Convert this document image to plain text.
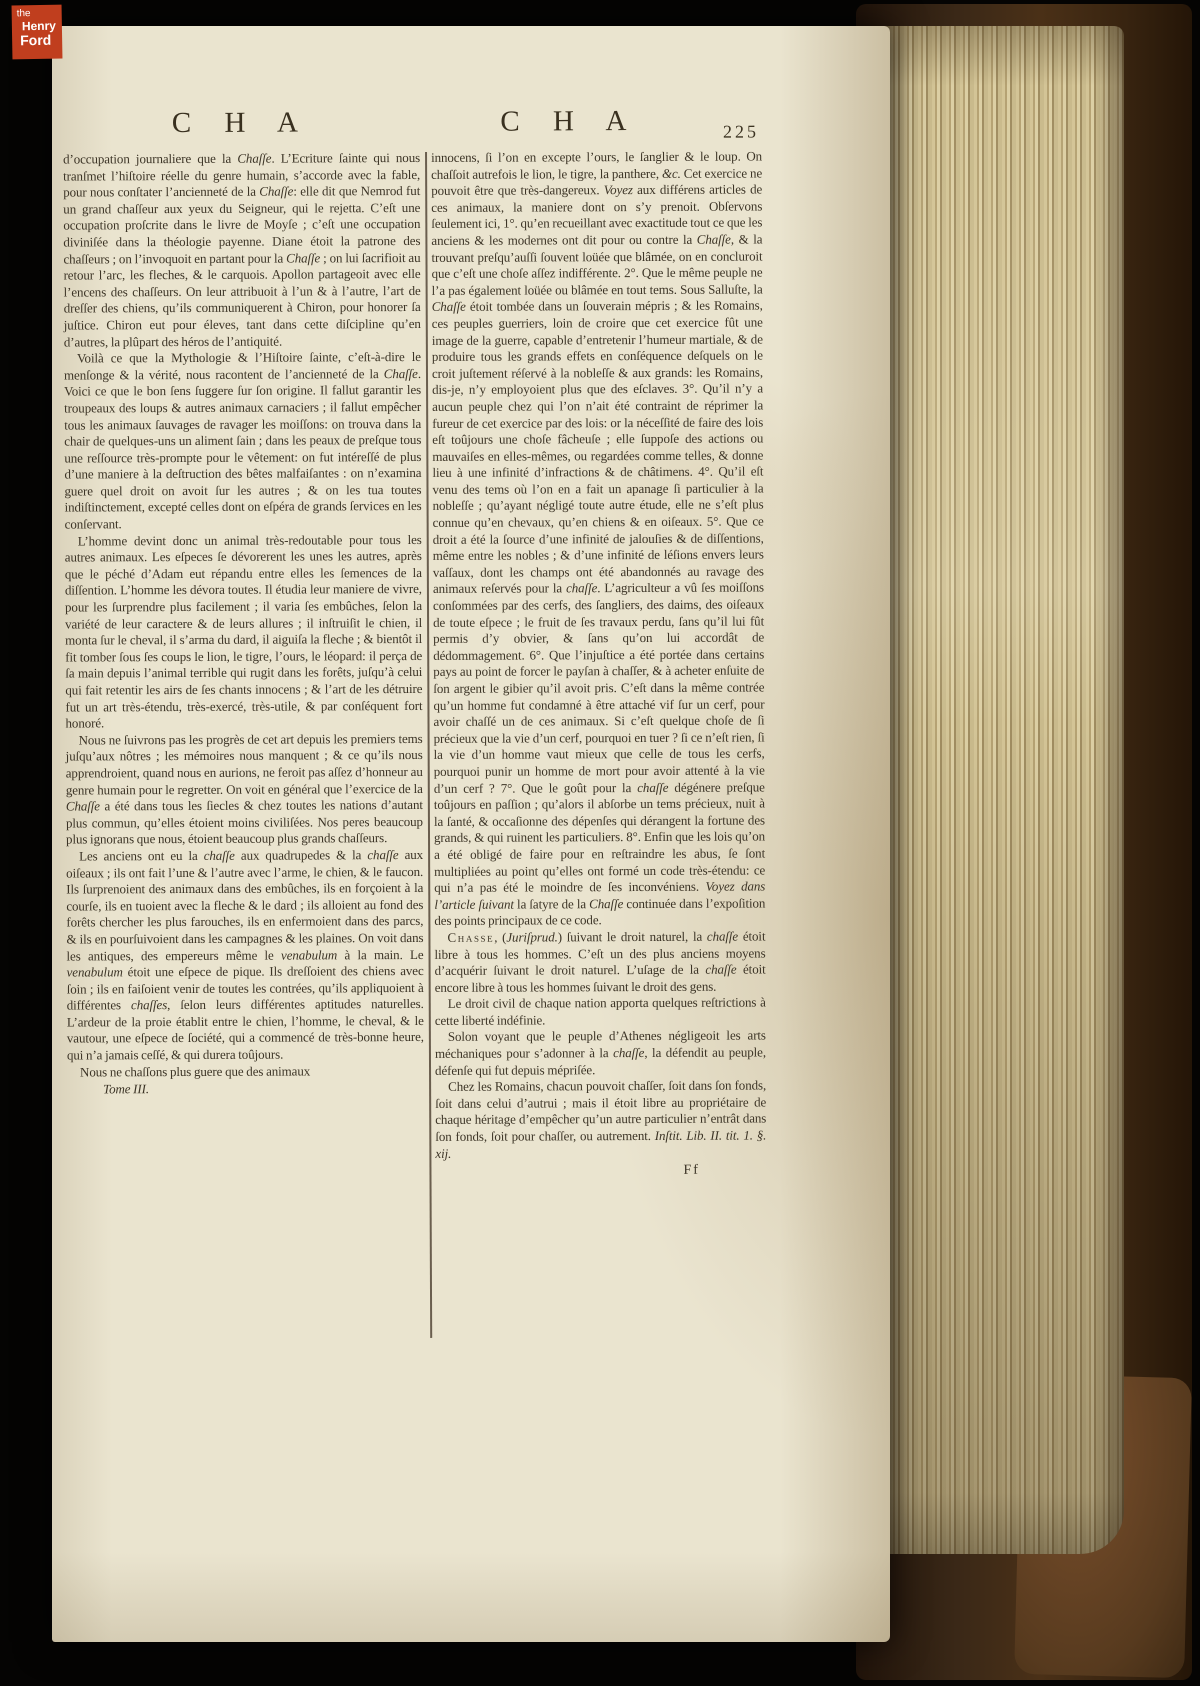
C H A	C H A	225

d’occupation journaliere que la Chaſſe. L’Ecriture ſainte qui nous tranſmet l’hiſtoire réelle du genre humain, s’accorde avec la fable, pour nous conſtater l’ancienneté de la Chaſſe: elle dit que Nemrod fut un grand chaſſeur aux yeux du Seigneur, qui le rejetta. C’eſt une occupation proſcrite dans le livre de Moyſe ; c’eſt une occupation diviniſée dans la théologie payenne. Diane étoit la patrone des chaſſeurs ; on l’invoquoit en partant pour la Chaſſe ; on lui ſacrifioit au retour l’arc, les fleches, & le carquois. Apollon partageoit avec elle l’encens des chaſſeurs. On leur attribuoit à l’un & à l’autre, l’art de dreſſer des chiens, qu’ils communiquerent à Chiron, pour honorer ſa juſtice. Chiron eut pour éleves, tant dans cette diſcipline qu’en d’autres, la plûpart des héros de l’antiquité.

Voilà ce que la Mythologie & l’Hiſtoire ſainte, c’eſt-à-dire le menſonge & la vérité, nous racontent de l’ancienneté de la Chaſſe. Voici ce que le bon ſens ſuggere ſur ſon origine. Il fallut garantir les troupeaux des loups & autres animaux carnaciers ; il fallut empêcher tous les animaux ſauvages de ravager les moiſſons: on trouva dans la chair de quelques-uns un aliment ſain ; dans les peaux de preſque tous une reſſource très-prompte pour le vêtement: on fut intéreſſé de plus d’une maniere à la deſtruction des bêtes malfaiſantes : on n’examina guere quel droit on avoit ſur les autres ; & on les tua toutes indiſtinctement, excepté celles dont on eſpéra de grands ſervices en les conſervant.

L’homme devint donc un animal très-redoutable pour tous les autres animaux. Les eſpeces ſe dévorerent les unes les autres, après que le péché d’Adam eut répandu entre elles les ſemences de la diſſention. L’homme les dévora toutes. Il étudia leur maniere de vivre, pour les ſurprendre plus facilement ; il varia ſes embûches, ſelon la variété de leur caractere & de leurs allures ; il inſtruiſit le chien, il monta ſur le cheval, il s’arma du dard, il aiguiſa la fleche ; & bientôt il fit tomber ſous ſes coups le lion, le tigre, l’ours, le léopard: il perça de ſa main depuis l’animal terrible qui rugit dans les forêts, juſqu’à celui qui fait retentir les airs de ſes chants innocens ; & l’art de les détruire fut un art très-étendu, très-exercé, très-utile, & par conſéquent fort honoré.

Nous ne ſuivrons pas les progrès de cet art depuis les premiers tems juſqu’aux nôtres ; les mémoires nous manquent ; & ce qu’ils nous apprendroient, quand nous en aurions, ne feroit pas aſſez d’honneur au genre humain pour le regretter. On voit en général que l’exercice de la Chaſſe a été dans tous les ſiecles & chez toutes les nations d’autant plus commun, qu’elles étoient moins civiliſées. Nos peres beaucoup plus ignorans que nous, étoient beaucoup plus grands chaſſeurs.

Les anciens ont eu la chaſſe aux quadrupedes & la chaſſe aux oiſeaux ; ils ont fait l’une & l’autre avec l’arme, le chien, & le faucon. Ils ſurprenoient des animaux dans des embûches, ils en forçoient à la courſe, ils en tuoient avec la fleche & le dard ; ils alloient au fond des forêts chercher les plus farouches, ils en enfermoient dans des parcs, & ils en pourſuivoient dans les campagnes & les plaines. On voit dans les antiques, des empereurs même le venabulum à la main. Le venabulum étoit une eſpece de pique. Ils dreſſoient des chiens avec ſoin ; ils en faiſoient venir de toutes les contrées, qu’ils appliquoient à différentes chaſſes, ſelon leurs différentes aptitudes naturelles. L’ardeur de la proie établit entre le chien, l’homme, le cheval, & le vautour, une eſpece de ſociété, qui a commencé de très-bonne heure, qui n’a jamais ceſſé, & qui durera toûjours.

Nous ne chaſſons plus guere que des animaux

Tome III.

innocens, ſi l’on en excepte l’ours, le ſanglier & le loup. On chaſſoit autrefois le lion, le tigre, la panthere, &c. Cet exercice ne pouvoit être que très-dangereux. Voyez aux différens articles de ces animaux, la maniere dont on s’y prenoit. Obſervons ſeulement ici, 1°. qu’en recueillant avec exactitude tout ce que les anciens & les modernes ont dit pour ou contre la Chaſſe, & la trouvant preſqu’auſſi ſouvent loüée que blâmée, on en concluroit que c’eſt une choſe aſſez indifférente. 2°. Que le même peuple ne l’a pas également loüée ou blâmée en tout tems. Sous Salluſte, la Chaſſe étoit tombée dans un ſouverain mépris ; & les Romains, ces peuples guerriers, loin de croire que cet exercice fût une image de la guerre, capable d’entretenir l’humeur martiale, & de produire tous les grands effets en conſéquence deſquels on le croit juſtement réſervé à la nobleſſe & aux grands: les Romains, dis-je, n’y employoient plus que des eſclaves. 3°. Qu’il n’y a aucun peuple chez qui l’on n’ait été contraint de réprimer la fureur de cet exercice par des lois: or la néceſſité de faire des lois eſt toûjours une choſe fâcheuſe ; elle ſuppoſe des actions ou mauvaiſes en elles-mêmes, ou regardées comme telles, & donne lieu à une infinité d’infractions & de châtimens. 4°. Qu’il eſt venu des tems où l’on en a fait un apanage ſi particulier à la nobleſſe ; qu’ayant négligé toute autre étude, elle ne s’eſt plus connue qu’en chevaux, qu’en chiens & en oiſeaux. 5°. Que ce droit a été la ſource d’une infinité de jalouſies & de diſſentions, même entre les nobles ; & d’une infinité de léſions envers leurs vaſſaux, dont les champs ont été abandonnés au ravage des animaux reſervés pour la chaſſe. L’agriculteur a vû ſes moiſſons conſommées par des cerfs, des ſangliers, des daims, des oiſeaux de toute eſpece ; le fruit de ſes travaux perdu, ſans qu’il lui fût permis d’y obvier, & ſans qu’on lui accordât de dédommagement. 6°. Que l’injuſtice a été portée dans certains pays au point de forcer le payſan à chaſſer, & à acheter enſuite de ſon argent le gibier qu’il avoit pris. C’eſt dans la même contrée qu’un homme fut condamné à être attaché vif ſur un cerf, pour avoir chaſſé un de ces animaux. Si c’eſt quelque choſe de ſi précieux que la vie d’un cerf, pourquoi en tuer ? ſi ce n’eſt rien, ſi la vie d’un homme vaut mieux que celle de tous les cerfs, pourquoi punir un homme de mort pour avoir attenté à la vie d’un cerf ? 7°. Que le goût pour la chaſſe dégénere preſque toûjours en paſſion ; qu’alors il abſorbe un tems précieux, nuit à la ſanté, & occaſionne des dépenſes qui dérangent la fortune des grands, & qui ruinent les particuliers. 8°. Enfin que les lois qu’on a été obligé de faire pour en reſtraindre les abus, ſe ſont multipliées au point qu’elles ont formé un code très-étendu: ce qui n’a pas été le moindre de ſes inconvéniens. Voyez dans l’article ſuivant la ſatyre de la Chaſſe continuée dans l’expoſition des points principaux de ce code.

Chasse, (Juriſprud.) ſuivant le droit naturel, la chaſſe étoit libre à tous les hommes. C’eſt un des plus anciens moyens d’acquérir ſuivant le droit naturel. L’uſage de la chaſſe étoit encore libre à tous les hommes ſuivant le droit des gens.

Le droit civil de chaque nation apporta quelques reſtrictions à cette liberté indéfinie.

Solon voyant que le peuple d’Athenes négligeoit les arts méchaniques pour s’adonner à la chaſſe, la défendit au peuple, défenſe qui fut depuis mépriſée.

Chez les Romains, chacun pouvoit chaſſer, ſoit dans ſon fonds, ſoit dans celui d’autrui ; mais il étoit libre au propriétaire de chaque héritage d’empêcher qu’un autre particulier n’entrât dans ſon fonds, ſoit pour chaſſer, ou autrement. Inſtit. Lib. II. tit. 1. §. xij.

Ff
the
Henry
Ford
